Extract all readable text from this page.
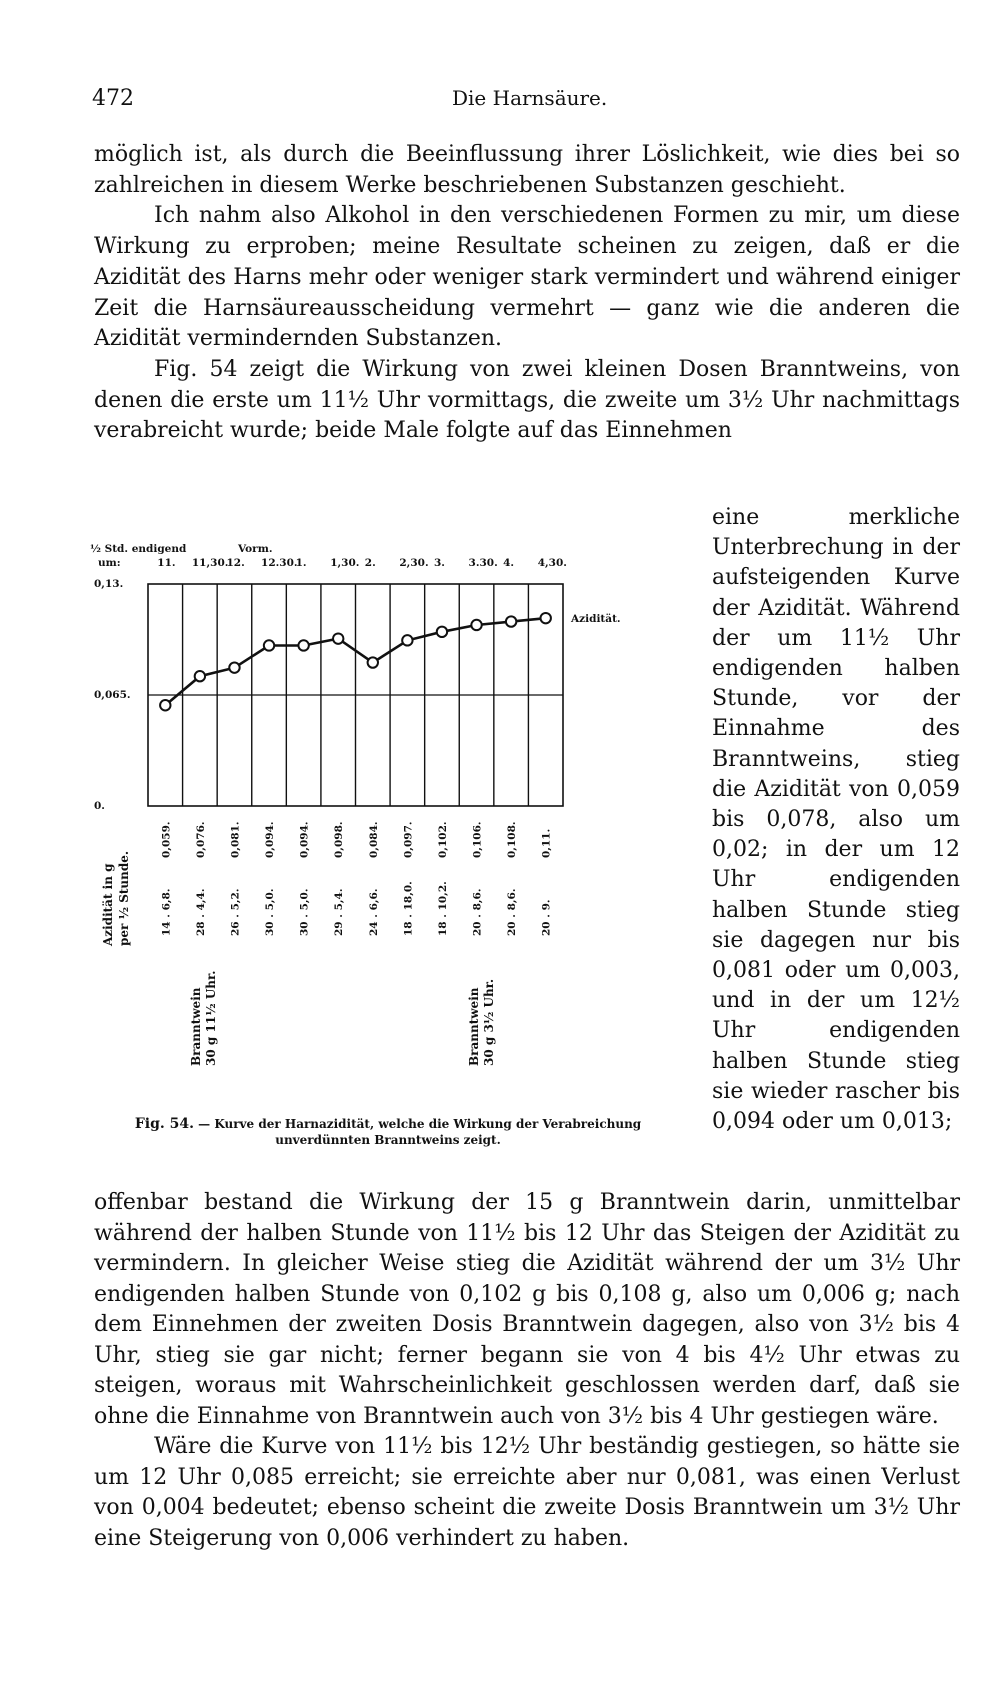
472	Die Harnsäure.

möglich ist, als durch die Beeinflussung ihrer Löslichkeit, wie dies bei so zahlreichen in diesem Werke beschriebenen Substanzen geschieht.

Ich nahm also Alkohol in den verschiedenen Formen zu mir, um diese Wirkung zu erproben; meine Resultate scheinen zu zeigen, daß er die Azidität des Harns mehr oder weniger stark vermindert und während einiger Zeit die Harnsäureausscheidung vermehrt — ganz wie die anderen die Azidität vermindernden Substanzen.

Fig. 54 zeigt die Wirkung von zwei kleinen Dosen Branntweins, von denen die erste um 11½ Uhr vormittags, die zweite um 3½ Uhr nachmittags verabreicht wurde; beide Male folgte auf das Einnehmen

eine merkliche Unterbrechung in der aufsteigenden Kurve der Azidität. Während der um 11½ Uhr endigenden halben Stunde, vor der Einnahme des Branntweins, stieg die Azidität von 0,059 bis 0,078, also um 0,02; in der um 12 Uhr endigenden halben Stunde stieg sie dagegen nur bis 0,081 oder um 0,003, und in der um 12½ Uhr endigenden halben Stunde stieg sie wieder rascher bis 0,094 oder um 0,013;

½ Std. endigend	Vorm.
um:	11. 11,30.
12. 12.30.
1. 1,30. 2. 2,30. 3. 3.30. 4. 4,30.
0,13.
0,065.
0.
Azidität.
0,059. 0,076. 0,081. 0,094. 0,094. 0,098. 0,084. 0,097. 0,102. 0,106. 0,108. 0,11.
14 . 6,8. 28 . 4,4. 26 . 5,2. 30 . 5,0. 30 . 5,0. 29 . 5,4. 24 . 6,6. 18 . 18,0. 18 . 10,2. 20 . 8,6. 20 . 8,6. 20 . 9.
Azidität in g per ½ Stunde.
Branntwein 30 g 11½ Uhr.	Branntwein 30 g 3½ Uhr.
Fig. 54. — Kurve der Harnazidität, welche die Wirkung der Verabreichung unverdünnten Branntweins zeigt.

offenbar bestand die Wirkung der 15 g Branntwein darin, unmittelbar während der halben Stunde von 11½ bis 12 Uhr das Steigen der Azidität zu vermindern. In gleicher Weise stieg die Azidität während der um 3½ Uhr endigenden halben Stunde von 0,102 g bis 0,108 g, also um 0,006 g; nach dem Einnehmen der zweiten Dosis Branntwein dagegen, also von 3½ bis 4 Uhr, stieg sie gar nicht; ferner begann sie von 4 bis 4½ Uhr etwas zu steigen, woraus mit Wahrscheinlichkeit geschlossen werden darf, daß sie ohne die Einnahme von Branntwein auch von 3½ bis 4 Uhr gestiegen wäre.

Wäre die Kurve von 11½ bis 12½ Uhr beständig gestiegen, so hätte sie um 12 Uhr 0,085 erreicht; sie erreichte aber nur 0,081, was einen Verlust von 0,004 bedeutet; ebenso scheint die zweite Dosis Branntwein um 3½ Uhr eine Steigerung von 0,006 verhindert zu haben.
